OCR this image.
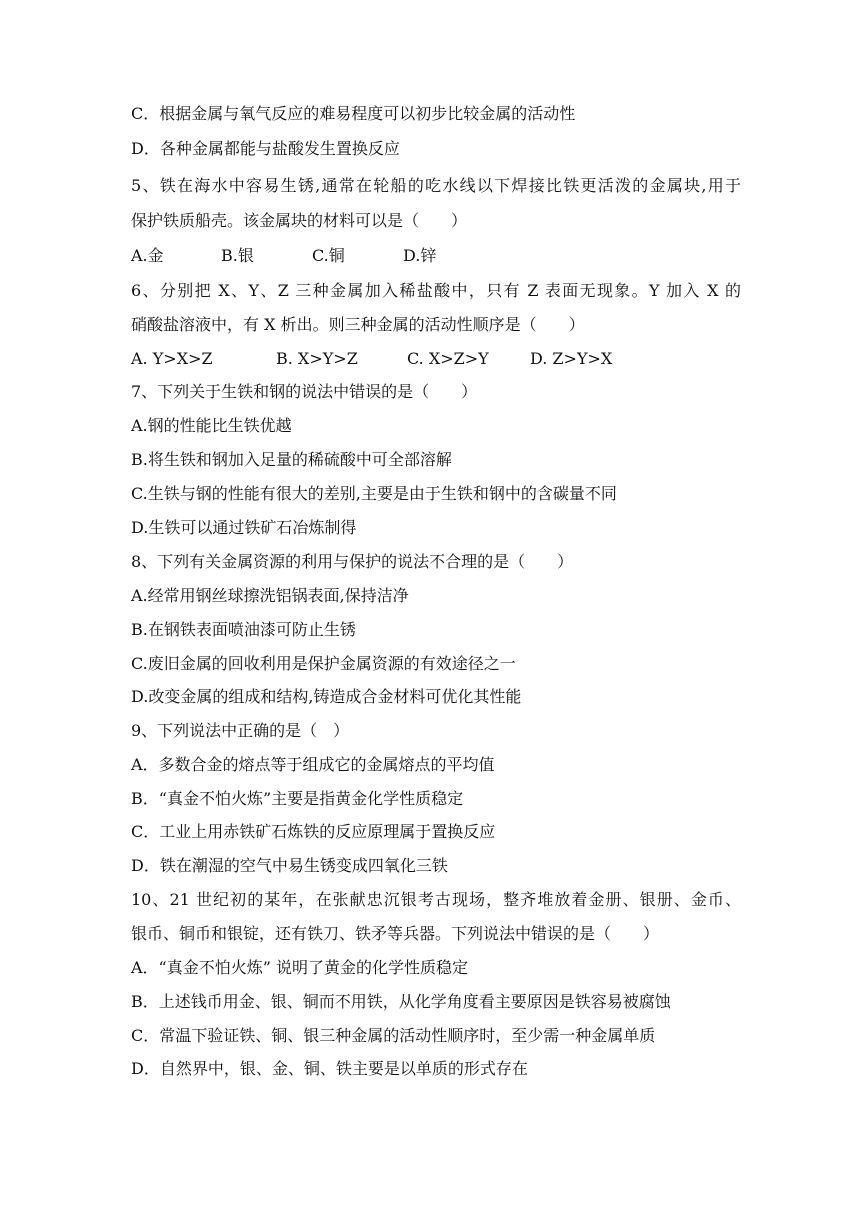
C．根据金属与氧气反应的难易程度可以初步比较金属的活动性
D．各种金属都能与盐酸发生置换反应
5、铁在海水中容易生锈,通常在轮船的吃水线以下焊接比铁更活泼的金属块,用于
保护铁质船壳。该金属块的材料可以是（　　）
A.金	B.银	C.铜	D.锌
6、分别把 X、Y、Z 三种金属加入稀盐酸中，只有 Z 表面无现象。Y 加入 X 的
硝酸盐溶液中，有 X 析出。则三种金属的活动性顺序是（　　）
A. Y>X>Z	B. X>Y>Z	C. X>Z>Y	D. Z>Y>X
7、下列关于生铁和钢的说法中错误的是（　　）
A.钢的性能比生铁优越
B.将生铁和钢加入足量的稀硫酸中可全部溶解
C.生铁与钢的性能有很大的差别,主要是由于生铁和钢中的含碳量不同
D.生铁可以通过铁矿石冶炼制得
8、下列有关金属资源的利用与保护的说法不合理的是（　　）
A.经常用钢丝球擦洗铝锅表面,保持洁净
B.在钢铁表面喷油漆可防止生锈
C.废旧金属的回收利用是保护金属资源的有效途径之一
D.改变金属的组成和结构,铸造成合金材料可优化其性能
9、下列说法中正确的是（　）
A．多数合金的熔点等于组成它的金属熔点的平均值
B．“真金不怕火炼”主要是指黄金化学性质稳定
C．工业上用赤铁矿石炼铁的反应原理属于置换反应
D．铁在潮湿的空气中易生锈变成四氧化三铁
10、21 世纪初的某年，在张献忠沉银考古现场，整齐堆放着金册、银册、金币、
银币、铜币和银锭，还有铁刀、铁矛等兵器。下列说法中错误的是（　　）
A．“真金不怕火炼” 说明了黄金的化学性质稳定
B．上述钱币用金、银、铜而不用铁，从化学角度看主要原因是铁容易被腐蚀
C．常温下验证铁、铜、银三种金属的活动性顺序时，至少需一种金属单质
D．自然界中，银、金、铜、铁主要是以单质的形式存在
